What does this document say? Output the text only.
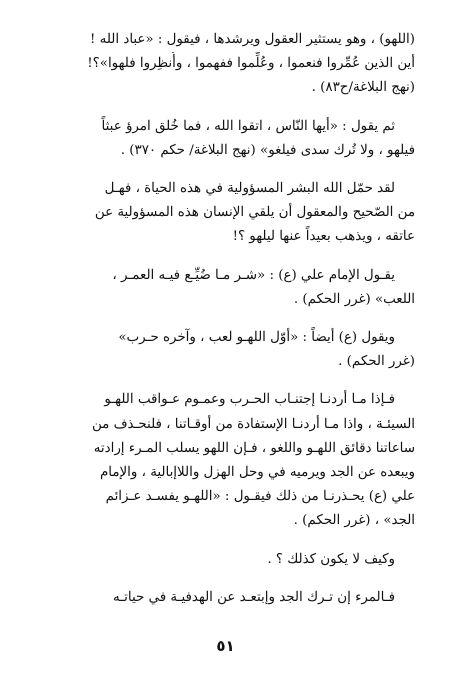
(اللهو) ، وهو يستثير العقول ويرشدها ، فيقول : «عباد الله !
أين الذين عُمِّروا فنعموا ، وعُلِّموا ففهموا ، وأُنظِروا فلهوا»؟!
(نهج البلاغة/ح٨٣) .

ثم يقول : «أيها النّاس ، اتقوا الله ، فما خُلق امرؤ عبثاً
فيلهو ، ولا تُرك سدى فيلغو» (نهج البلاغة/ حكم ٣٧٠) .

لقد حمّل الله البشر المسؤولية في هذه الحياة ، فهـل
من الصّحيح والمعقول أن يلقي الإنسان هذه المسؤولية عن
عاتقه ، ويذهب بعيداً عنها ليلهو ؟!

يقـول الإمام علي (ع) : «شـر مـا ضُيِّـع فيـه العمـر ،
اللعب» (غرر الحكم) .

ويقول (ع) أيضاً : «أوّل اللهـو لعب ، وآخره حـرب»
(غرر الحكم) .

فـإذا مـا أردنـا إجتنـاب الحـرب وعمـوم عـواقب اللهـو
السيئـة ، واذا مـا أردنـا الإستفادة من أوقـاتنا ، فلنحـذف من
ساعاتنا دقائق اللهـو واللغو ، فـإن اللهو يسلب المـرء إرادته
ويبعده عن الجد ويرميه في وحل الهزل واللاإبالية ، والإمام
علي (ع) يحـذرنـا من ذلك فيقـول : «اللهـو يفسـد عـزائم
الجد» ، (غرر الحكم) .

وكيف لا يكون كذلك ؟ .

فـالمرء إن تـرك الجد وإبتعـد عن الهدفيـة في حياتـه

٥١
